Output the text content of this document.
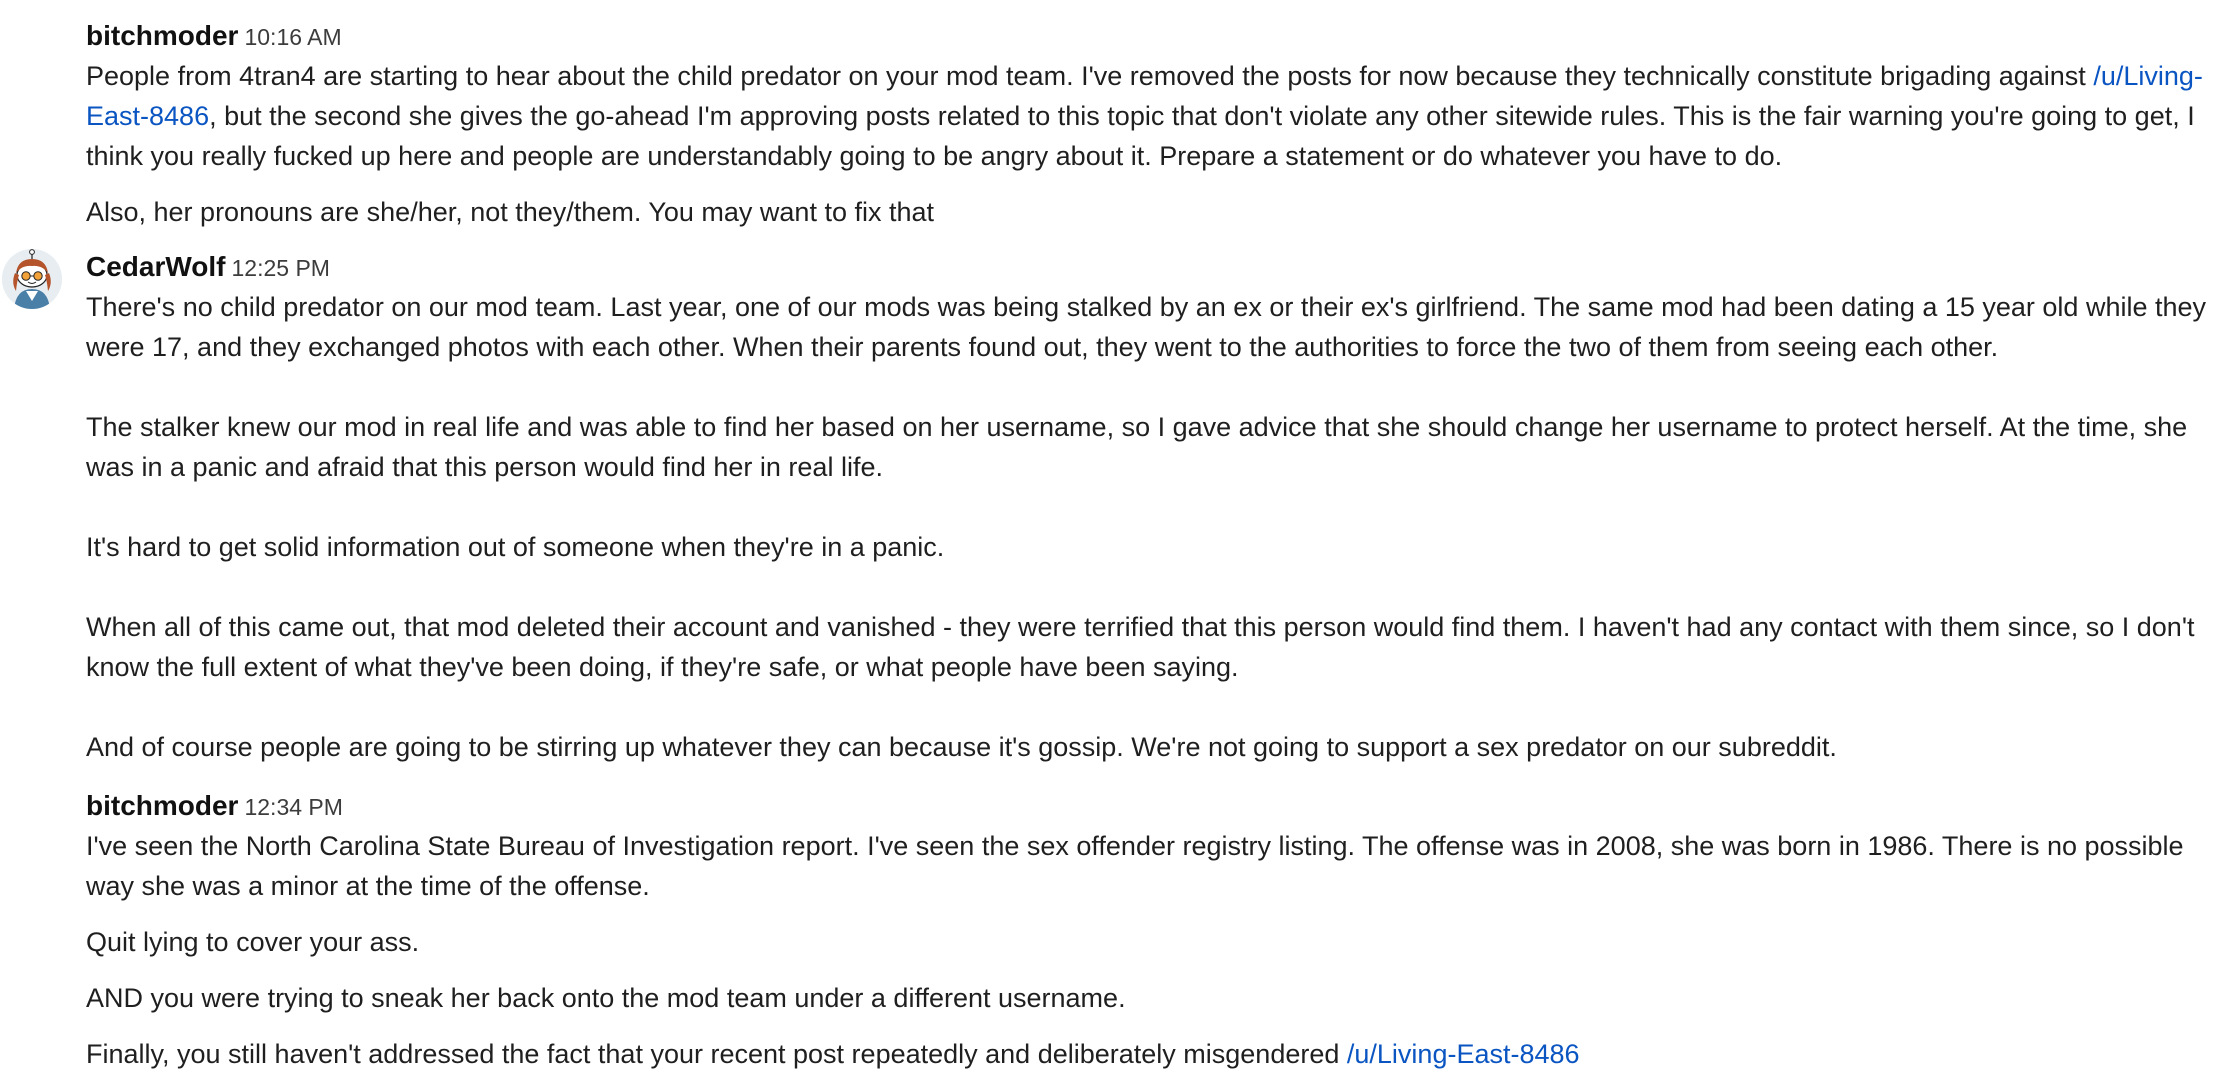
bitchmoder 10:16 AM

People from 4tran4 are starting to hear about the child predator on your mod team. I've removed the posts for now because they technically constitute brigading against /u/Living-East-8486, but the second she gives the go-ahead I'm approving posts related to this topic that don't violate any other sitewide rules. This is the fair warning you're going to get, I think you really fucked up here and people are understandably going to be angry about it. Prepare a statement or do whatever you have to do.

Also, her pronouns are she/her, not they/them. You may want to fix that

CedarWolf 12:25 PM

There's no child predator on our mod team. Last year, one of our mods was being stalked by an ex or their ex's girlfriend. The same mod had been dating a 15 year old while they were 17, and they exchanged photos with each other. When their parents found out, they went to the authorities to force the two of them from seeing each other.

The stalker knew our mod in real life and was able to find her based on her username, so I gave advice that she should change her username to protect herself. At the time, she was in a panic and afraid that this person would find her in real life.

It's hard to get solid information out of someone when they're in a panic.

When all of this came out, that mod deleted their account and vanished - they were terrified that this person would find them. I haven't had any contact with them since, so I don't know the full extent of what they've been doing, if they're safe, or what people have been saying.

And of course people are going to be stirring up whatever they can because it's gossip. We're not going to support a sex predator on our subreddit.

bitchmoder 12:34 PM

I've seen the North Carolina State Bureau of Investigation report. I've seen the sex offender registry listing. The offense was in 2008, she was born in 1986. There is no possible way she was a minor at the time of the offense.

Quit lying to cover your ass.

AND you were trying to sneak her back onto the mod team under a different username.

Finally, you still haven't addressed the fact that your recent post repeatedly and deliberately misgendered /u/Living-East-8486
